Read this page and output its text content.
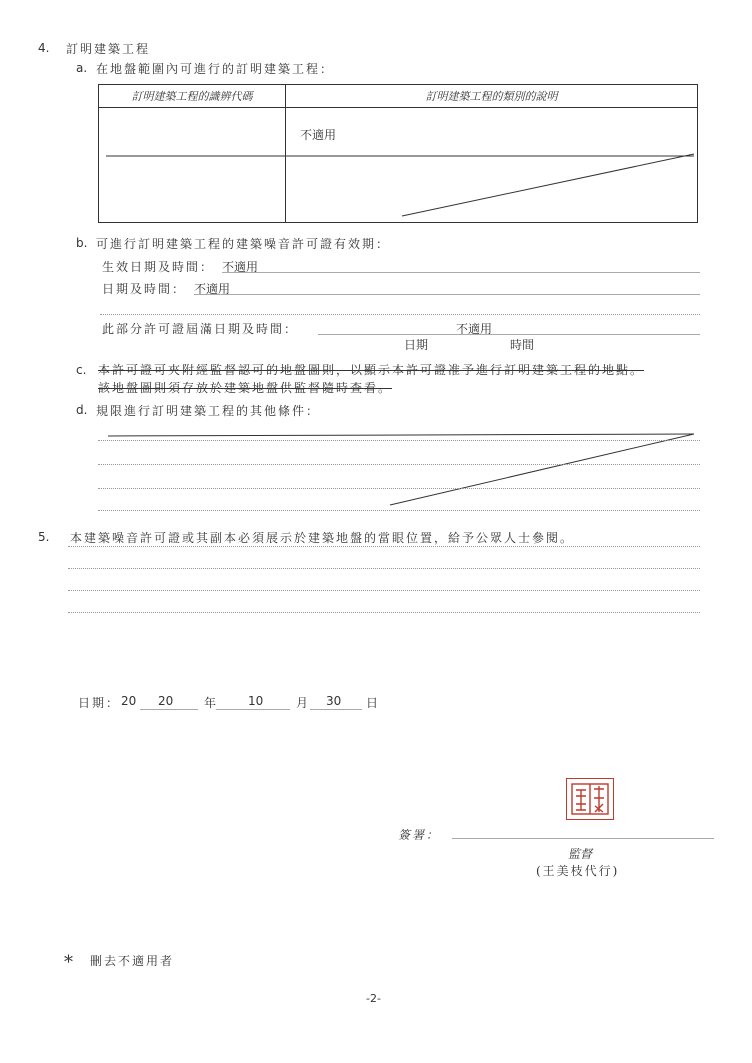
4. 訂明建築工程
a. 在地盤範圍內可進行的訂明建築工程：
訂明建築工程的識辨代碼	訂明建築工程的類別的說明
	不適用
b. 可進行訂明建築工程的建築噪音許可證有效期：
生效日期及時間： 不適用
日期及時間： 不適用
此部分許可證屆滿日期及時間：	不適用
日期	時間
c. 本許可證可夾附經監督認可的地盤圖則，以顯示本許可證准予進行訂明建築工程的地點。
該地盤圖則須存放於建築地盤供監督隨時查看。
d. 規限進行訂明建築工程的其他條件：
5. 本建築噪音許可證或其副本必須展示於建築地盤的當眼位置，給予公眾人士參閱。
日期： 20 20	年	10	月 30 日
簽署：
監督
(王美枝代行)
* 刪去不適用者
-2-
